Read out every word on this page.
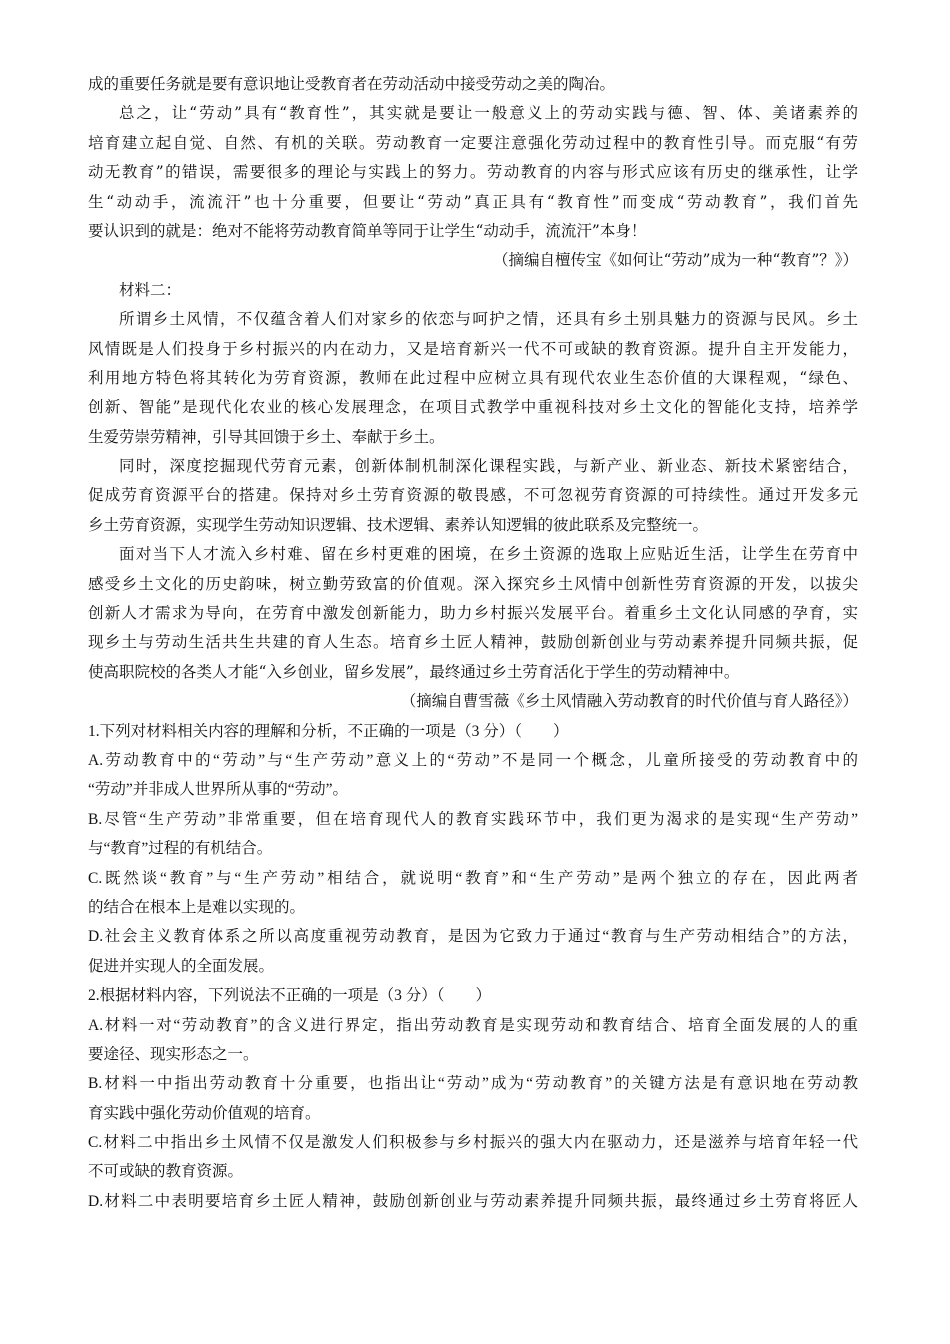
成的重要任务就是要有意识地让受教育者在劳动活动中接受劳动之美的陶冶。
总之，让“劳动”具有“教育性”，其实就是要让一般意义上的劳动实践与德、智、体、美诸素养的
培育建立起自觉、自然、有机的关联。劳动教育一定要注意强化劳动过程中的教育性引导。而克服“有劳
动无教育”的错误，需要很多的理论与实践上的努力。劳动教育的内容与形式应该有历史的继承性，让学
生“动动手，流流汗”也十分重要，但要让“劳动”真正具有“教育性”而变成“劳动教育”，我们首先
要认识到的就是：绝对不能将劳动教育简单等同于让学生“动动手，流流汗”本身！
（摘编自檀传宝《如何让“劳动”成为一种“教育”？》）
材料二：
所谓乡土风情，不仅蕴含着人们对家乡的依恋与呵护之情，还具有乡土别具魅力的资源与民风。乡土
风情既是人们投身于乡村振兴的内在动力，又是培育新兴一代不可或缺的教育资源。提升自主开发能力，
利用地方特色将其转化为劳育资源，教师在此过程中应树立具有现代农业生态价值的大课程观，“绿色、
创新、智能”是现代化农业的核心发展理念，在项目式教学中重视科技对乡土文化的智能化支持，培养学
生爱劳崇劳精神，引导其回馈于乡土、奉献于乡土。
同时，深度挖掘现代劳育元素，创新体制机制深化课程实践，与新产业、新业态、新技术紧密结合，
促成劳育资源平台的搭建。保持对乡土劳育资源的敬畏感，不可忽视劳育资源的可持续性。通过开发多元
乡土劳育资源，实现学生劳动知识逻辑、技术逻辑、素养认知逻辑的彼此联系及完整统一。
面对当下人才流入乡村难、留在乡村更难的困境，在乡土资源的选取上应贴近生活，让学生在劳育中
感受乡土文化的历史韵味，树立勤劳致富的价值观。深入探究乡土风情中创新性劳育资源的开发，以拔尖
创新人才需求为导向，在劳育中激发创新能力，助力乡村振兴发展平台。着重乡土文化认同感的孕育，实
现乡土与劳动生活共生共建的育人生态。培育乡土匠人精神，鼓励创新创业与劳动素养提升同频共振，促
使高职院校的各类人才能“入乡创业，留乡发展”，最终通过乡土劳育活化于学生的劳动精神中。
（摘编自曹雪薇《乡土风情融入劳动教育的时代价值与育人路径》）
1.下列对材料相关内容的理解和分析，不正确的一项是（3 分）（　　）
A.劳动教育中的“劳动”与“生产劳动”意义上的“劳动”不是同一个概念，儿童所接受的劳动教育中的
“劳动”并非成人世界所从事的“劳动”。
B.尽管“生产劳动”非常重要，但在培育现代人的教育实践环节中，我们更为渴求的是实现“生产劳动”
与“教育”过程的有机结合。
C.既然谈“教育”与“生产劳动”相结合，就说明“教育”和“生产劳动”是两个独立的存在，因此两者
的结合在根本上是难以实现的。
D.社会主义教育体系之所以高度重视劳动教育，是因为它致力于通过“教育与生产劳动相结合”的方法，
促进并实现人的全面发展。
2.根据材料内容，下列说法不正确的一项是（3 分）（　　）
A.材料一对“劳动教育”的含义进行界定，指出劳动教育是实现劳动和教育结合、培育全面发展的人的重
要途径、现实形态之一。
B.材料一中指出劳动教育十分重要，也指出让“劳动”成为“劳动教育”的关键方法是有意识地在劳动教
育实践中强化劳动价值观的培育。
C.材料二中指出乡土风情不仅是激发人们积极参与乡村振兴的强大内在驱动力，还是滋养与培育年轻一代
不可或缺的教育资源。
D.材料二中表明要培育乡土匠人精神，鼓励创新创业与劳动素养提升同频共振，最终通过乡土劳育将匠人
